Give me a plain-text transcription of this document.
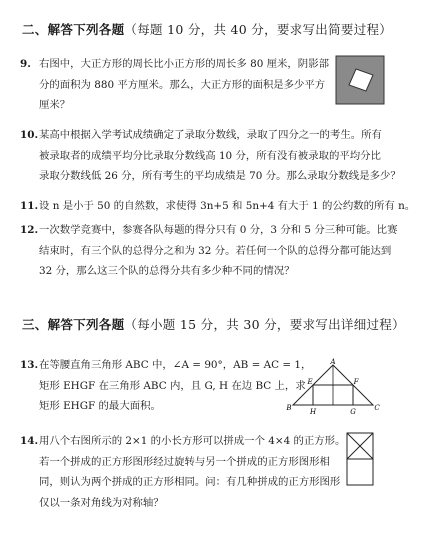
二、解答下列各题（每题 10 分，共 40 分，要求写出简要过程）
9. 右图中，大正方形的周长比小正方形的周长多 80 厘米，阴影部
分的面积为 880 平方厘米。那么，大正方形的面积是多少平方
厘米？
10. 某高中根据入学考试成绩确定了录取分数线，录取了四分之一的考生。所有
被录取者的成绩平均分比录取分数线高 10 分，所有没有被录取的平均分比
录取分数线低 26 分，所有考生的平均成绩是 70 分。那么录取分数线是多少？
11. 设 n 是小于 50 的自然数，求使得 3n+5 和 5n+4 有大于 1 的公约数的所有 n。
12. 一次数学竞赛中，参赛各队每题的得分只有 0 分，3 分和 5 分三种可能。比赛
结束时，有三个队的总得分之和为 32 分。若任何一个队的总得分都可能达到
32 分，那么这三个队的总得分共有多少种不同的情况？
三、解答下列各题（每小题 15 分，共 30 分，要求写出详细过程）
13. 在等腰直角三角形 ABC 中，∠A = 90°，AB = AC = 1，
矩形 EHGF 在三角形 ABC 内，且 G, H 在边 BC 上，求
矩形 EHGF 的最大面积。
A
B	C
E	F
G
H
14. 用八个右图所示的 2×1 的小长方形可以拼成一个 4×4 的正方形。
若一个拼成的正方形图形经过旋转与另一个拼成的正方形图形相
同，则认为两个拼成的正方形相同。问：有几种拼成的正方形图形
仅以一条对角线为对称轴？
